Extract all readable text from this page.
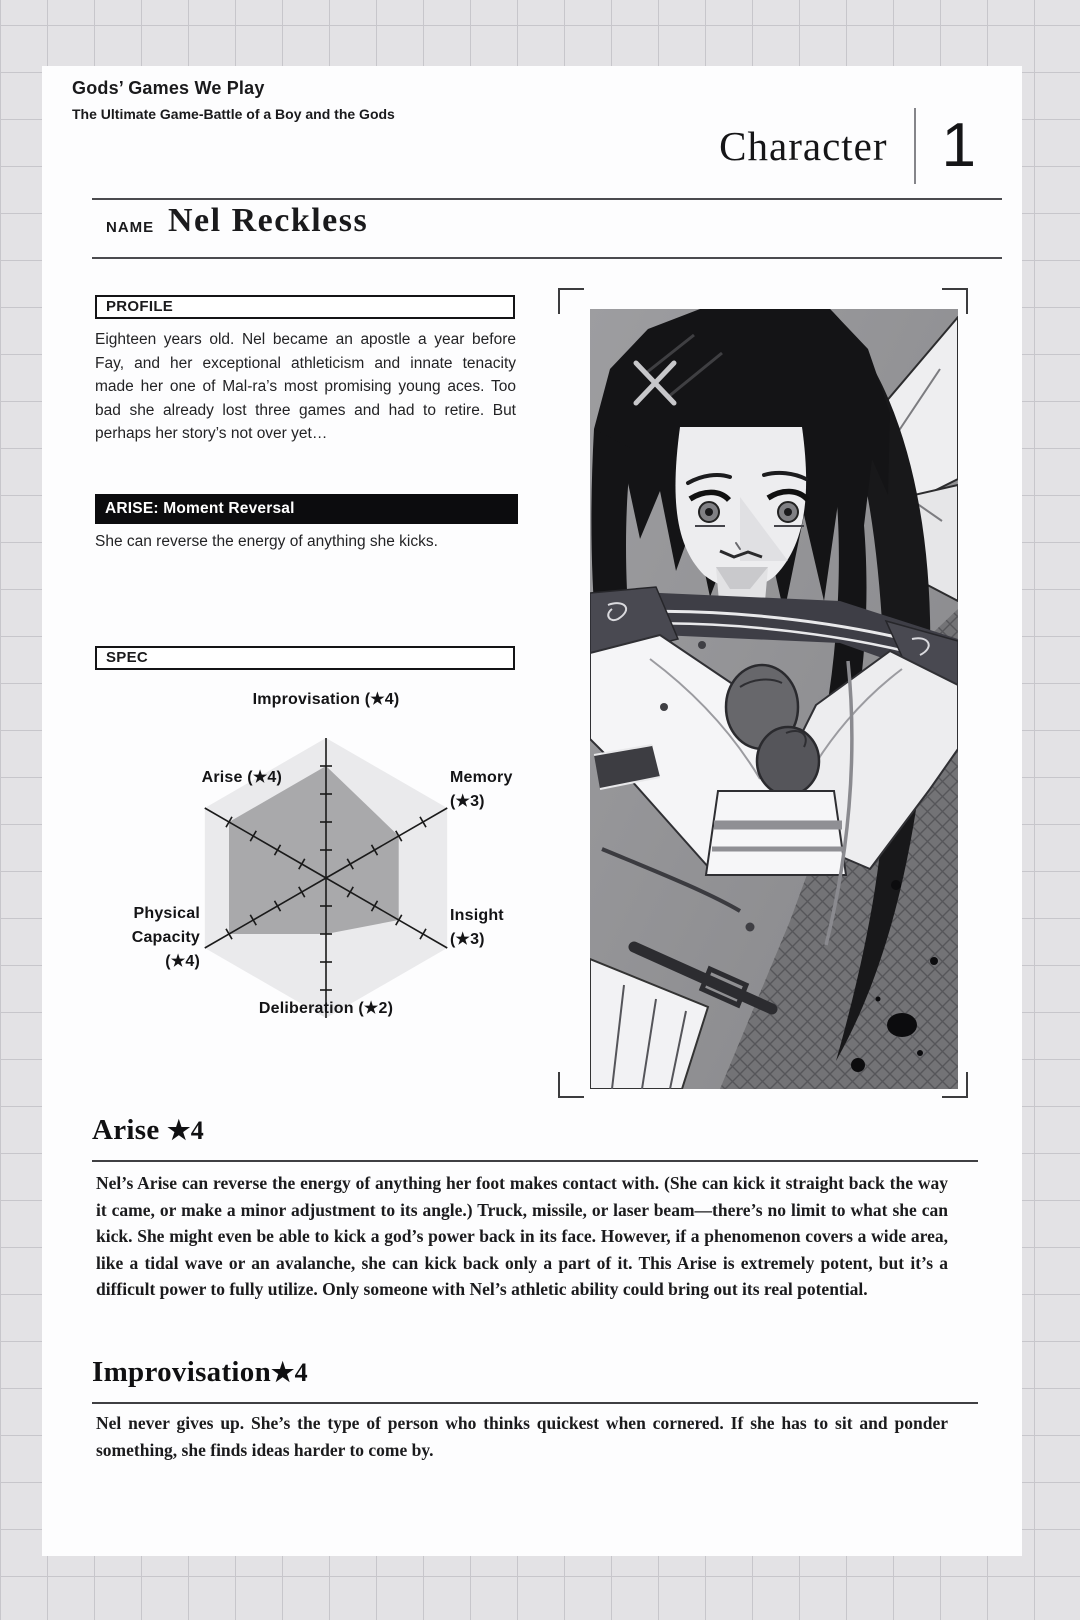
Gods’ Games We Play
The Ultimate Game-Battle of a Boy and the Gods
Character 1
NAME Nel Reckless
PROFILE

Eighteen years old. Nel became an apostle a year before Fay, and her exceptional athleticism and innate tenacity made her one of Mal-ra’s most promising young aces. Too bad she already lost three games and had to retire. But perhaps her story’s not over yet…

ARISE: Moment Reversal
She can reverse the energy of anything she kicks.
SPEC
Improvisation (★4)
Memory
(★3)
Insight
(★3)
Deliberation (★2)
Physical Capacity
(★4)
Arise (★4)
Arise ★4

Nel’s Arise can reverse the energy of anything her foot makes contact with. (She can kick it straight back the way it came, or make a minor adjustment to its angle.) Truck, missile, or laser beam—there’s no limit to what she can kick. She might even be able to kick a god’s power back in its face. However, if a phenomenon covers a wide area, like a tidal wave or an avalanche, she can kick back only a part of it. This Arise is extremely potent, but it’s a difficult power to fully utilize. Only someone with Nel’s athletic ability could bring out its real potential.

Improvisation★4

Nel never gives up. She’s the type of person who thinks quickest when cornered. If she has to sit and ponder something, she finds ideas harder to come by.
